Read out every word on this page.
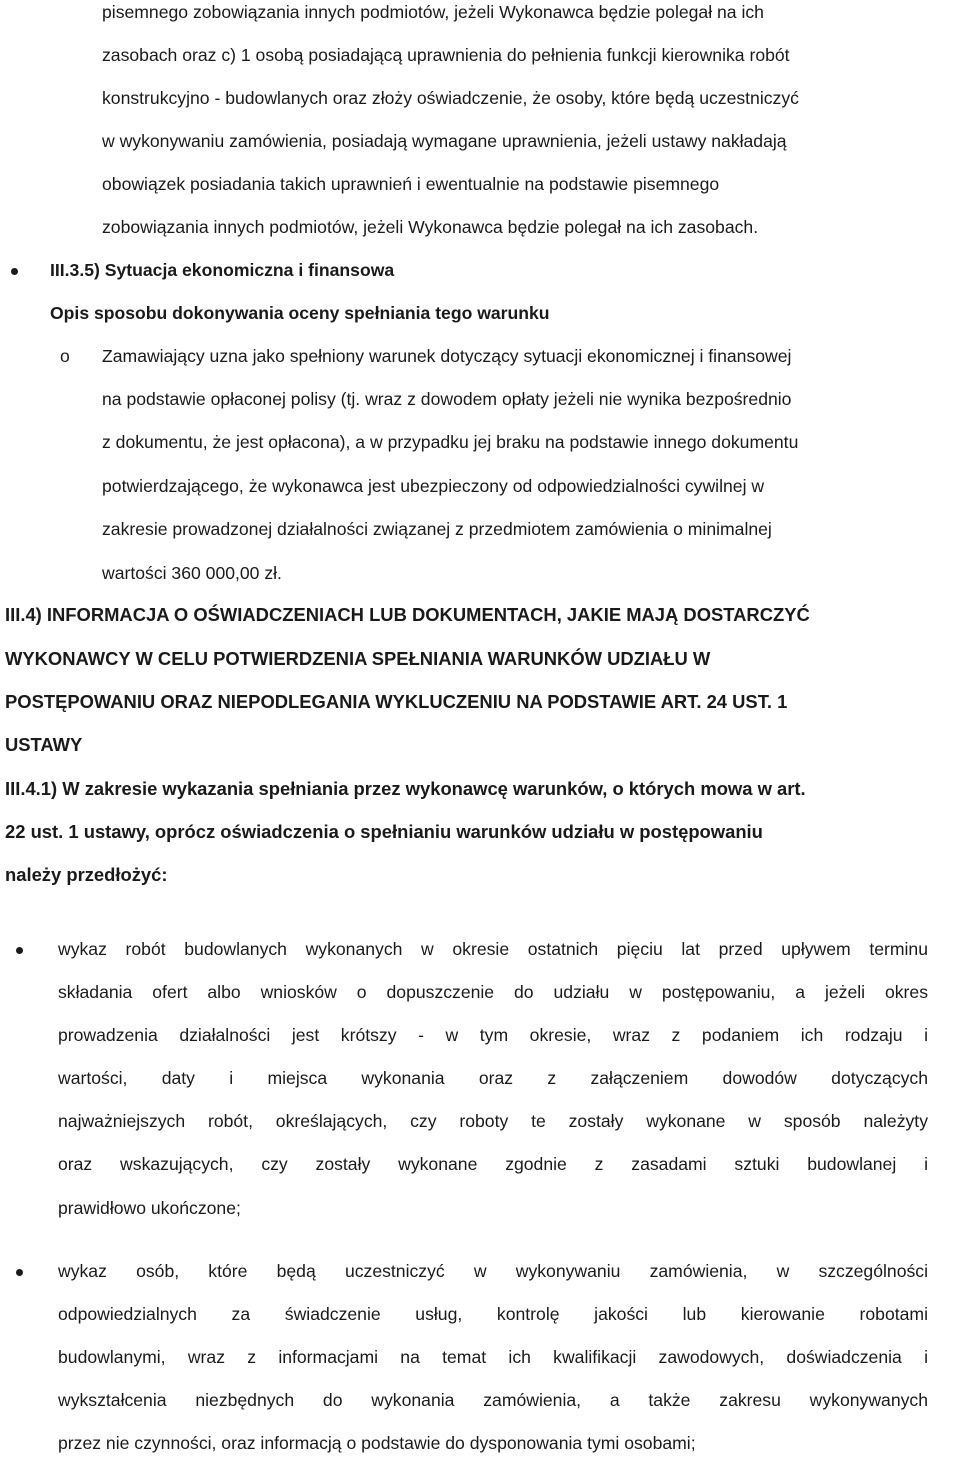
pisemnego zobowiązania innych podmiotów, jeżeli Wykonawca będzie polegał na ich
zasobach oraz c) 1 osobą posiadającą uprawnienia do pełnienia funkcji kierownika robót
konstrukcyjno - budowlanych oraz złoży oświadczenie, że osoby, które będą uczestniczyć
w wykonywaniu zamówienia, posiadają wymagane uprawnienia, jeżeli ustawy nakładają
obowiązek posiadania takich uprawnień i ewentualnie na podstawie pisemnego
zobowiązania innych podmiotów, jeżeli Wykonawca będzie polegał na ich zasobach.
III.3.5) Sytuacja ekonomiczna i finansowa
Opis sposobu dokonywania oceny spełniania tego warunku
o Zamawiający uzna jako spełniony warunek dotyczący sytuacji ekonomicznej i finansowej
na podstawie opłaconej polisy (tj. wraz z dowodem opłaty jeżeli nie wynika bezpośrednio
z dokumentu, że jest opłacona), a w przypadku jej braku na podstawie innego dokumentu
potwierdzającego, że wykonawca jest ubezpieczony od odpowiedzialności cywilnej w
zakresie prowadzonej działalności związanej z przedmiotem zamówienia o minimalnej
wartości 360 000,00 zł.
III.4) INFORMACJA O OŚWIADCZENIACH LUB DOKUMENTACH, JAKIE MAJĄ DOSTARCZYĆ
WYKONAWCY W CELU POTWIERDZENIA SPEŁNIANIA WARUNKÓW UDZIAŁU W
POSTĘPOWANIU ORAZ NIEPODLEGANIA WYKLUCZENIU NA PODSTAWIE ART. 24 UST. 1
USTAWY
III.4.1) W zakresie wykazania spełniania przez wykonawcę warunków, o których mowa w art.
22 ust. 1 ustawy, oprócz oświadczenia o spełnianiu warunków udziału w postępowaniu
należy przedłożyć:
wykaz robót budowlanych wykonanych w okresie ostatnich pięciu lat przed upływem terminu
składania ofert albo wniosków o dopuszczenie do udziału w postępowaniu, a jeżeli okres
prowadzenia działalności jest krótszy - w tym okresie, wraz z podaniem ich rodzaju i
wartości, daty i miejsca wykonania oraz z załączeniem dowodów dotyczących
najważniejszych robót, określających, czy roboty te zostały wykonane w sposób należyty
oraz wskazujących, czy zostały wykonane zgodnie z zasadami sztuki budowlanej i
prawidłowo ukończone;
wykaz osób, które będą uczestniczyć w wykonywaniu zamówienia, w szczególności
odpowiedzialnych za świadczenie usług, kontrolę jakości lub kierowanie robotami
budowlanymi, wraz z informacjami na temat ich kwalifikacji zawodowych, doświadczenia i
wykształcenia niezbędnych do wykonania zamówienia, a także zakresu wykonywanych
przez nie czynności, oraz informacją o podstawie do dysponowania tymi osobami;
